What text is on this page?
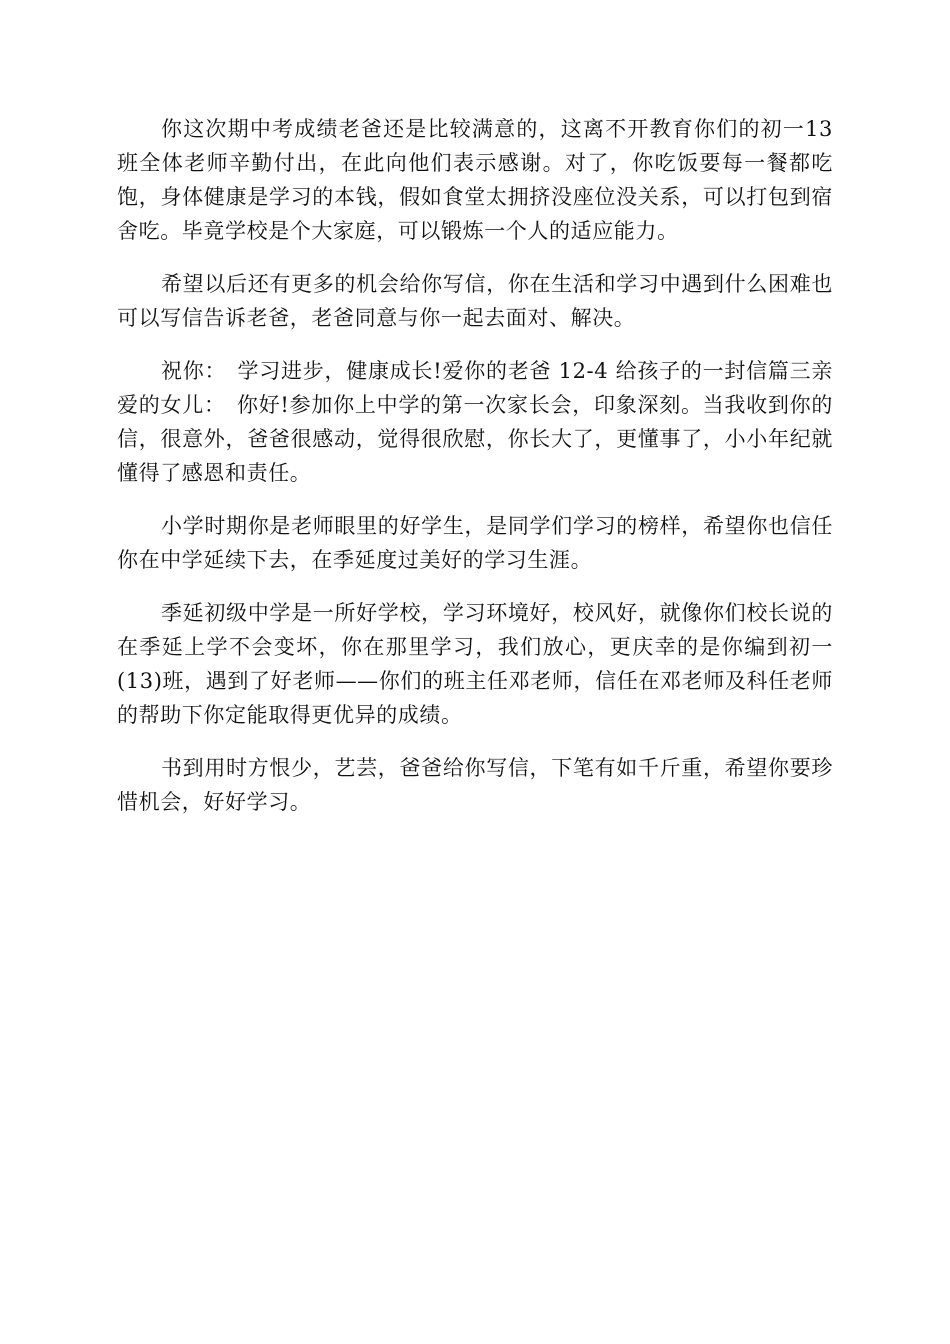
你这次期中考成绩老爸还是比较满意的，这离不开教育你们的初一13班全体老师辛勤付出，在此向他们表示感谢。对了，你吃饭要每一餐都吃饱，身体健康是学习的本钱，假如食堂太拥挤没座位没关系，可以打包到宿舍吃。毕竟学校是个大家庭，可以锻炼一个人的适应能力。

希望以后还有更多的机会给你写信，你在生活和学习中遇到什么困难也可以写信告诉老爸，老爸同意与你一起去面对、解决。

祝你：　学习进步，健康成长!爱你的老爸 12-4 给孩子的一封信篇三亲爱的女儿：　你好!参加你上中学的第一次家长会，印象深刻。当我收到你的信，很意外，爸爸很感动，觉得很欣慰，你长大了，更懂事了，小小年纪就懂得了感恩和责任。

小学时期你是老师眼里的好学生，是同学们学习的榜样，希望你也信任你在中学延续下去，在季延度过美好的学习生涯。

季延初级中学是一所好学校，学习环境好，校风好，就像你们校长说的在季延上学不会变坏，你在那里学习，我们放心，更庆幸的是你编到初一(13)班，遇到了好老师——你们的班主任邓老师，信任在邓老师及科任老师的帮助下你定能取得更优异的成绩。

书到用时方恨少，艺芸，爸爸给你写信，下笔有如千斤重，希望你要珍惜机会，好好学习。
